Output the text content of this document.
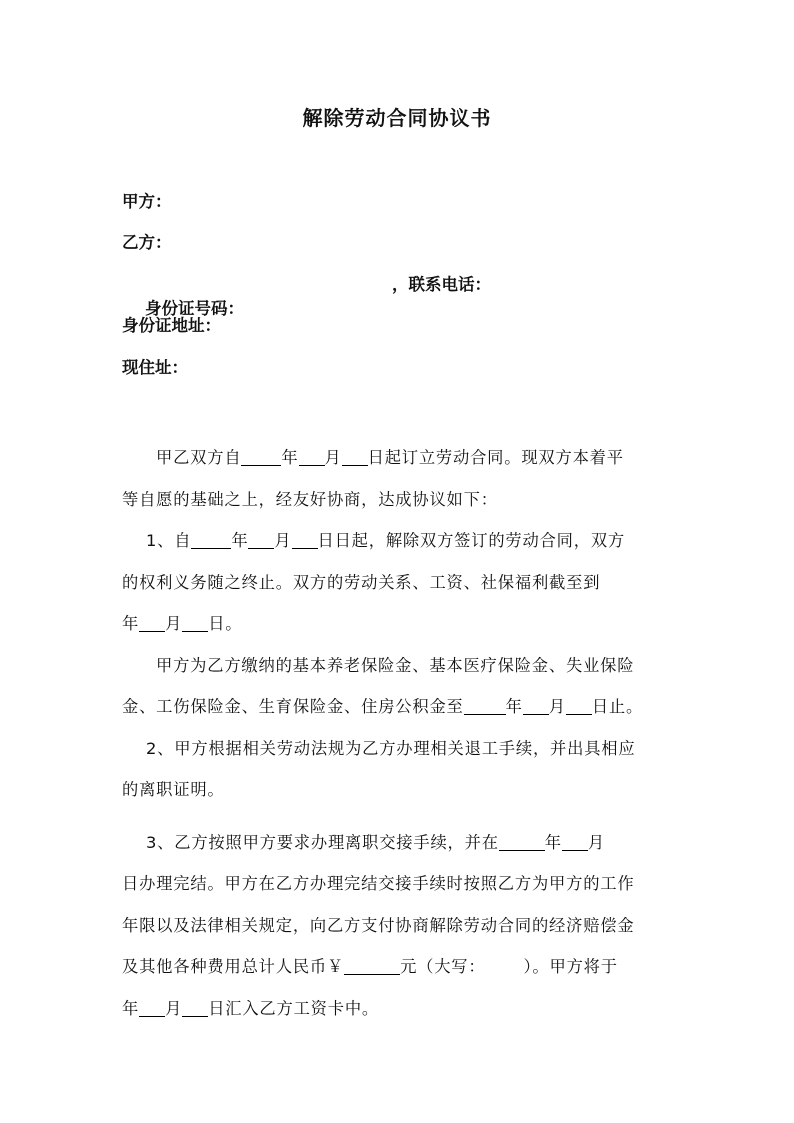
解除劳动合同协议书
甲方：
乙方：

身份证号码：

，联系电话：

身份证地址：
现住址：

甲乙双方自 年 月 日起订立劳动合同。现双方本着平

等自愿的基础之上，经友好协商，达成协议如下：

1、自 年 月 日日起，解除双方签订的劳动合同，双方

的权利义务随之终止。双方的劳动关系、工资、社保福利截至到

年 月 日。

甲方为乙方缴纳的基本养老保险金、基本医疗保险金、失业保险

金、工伤保险金、生育保险金、住房公积金至	年 月 日止。

2、甲方根据相关劳动法规为乙方办理相关退工手续，并出具相应

的离职证明。

3、乙方按照甲方要求办理离职交接手续，并在	年 月

日办理完结。甲方在乙方办理完结交接手续时按照乙方为甲方的工作

年限以及法律相关规定，向乙方支付协商解除劳动合同的经济赔偿金

及其他各种费用总计人民币￥	元（大写： ）。甲方将于

年 月 日汇入乙方工资卡中。
